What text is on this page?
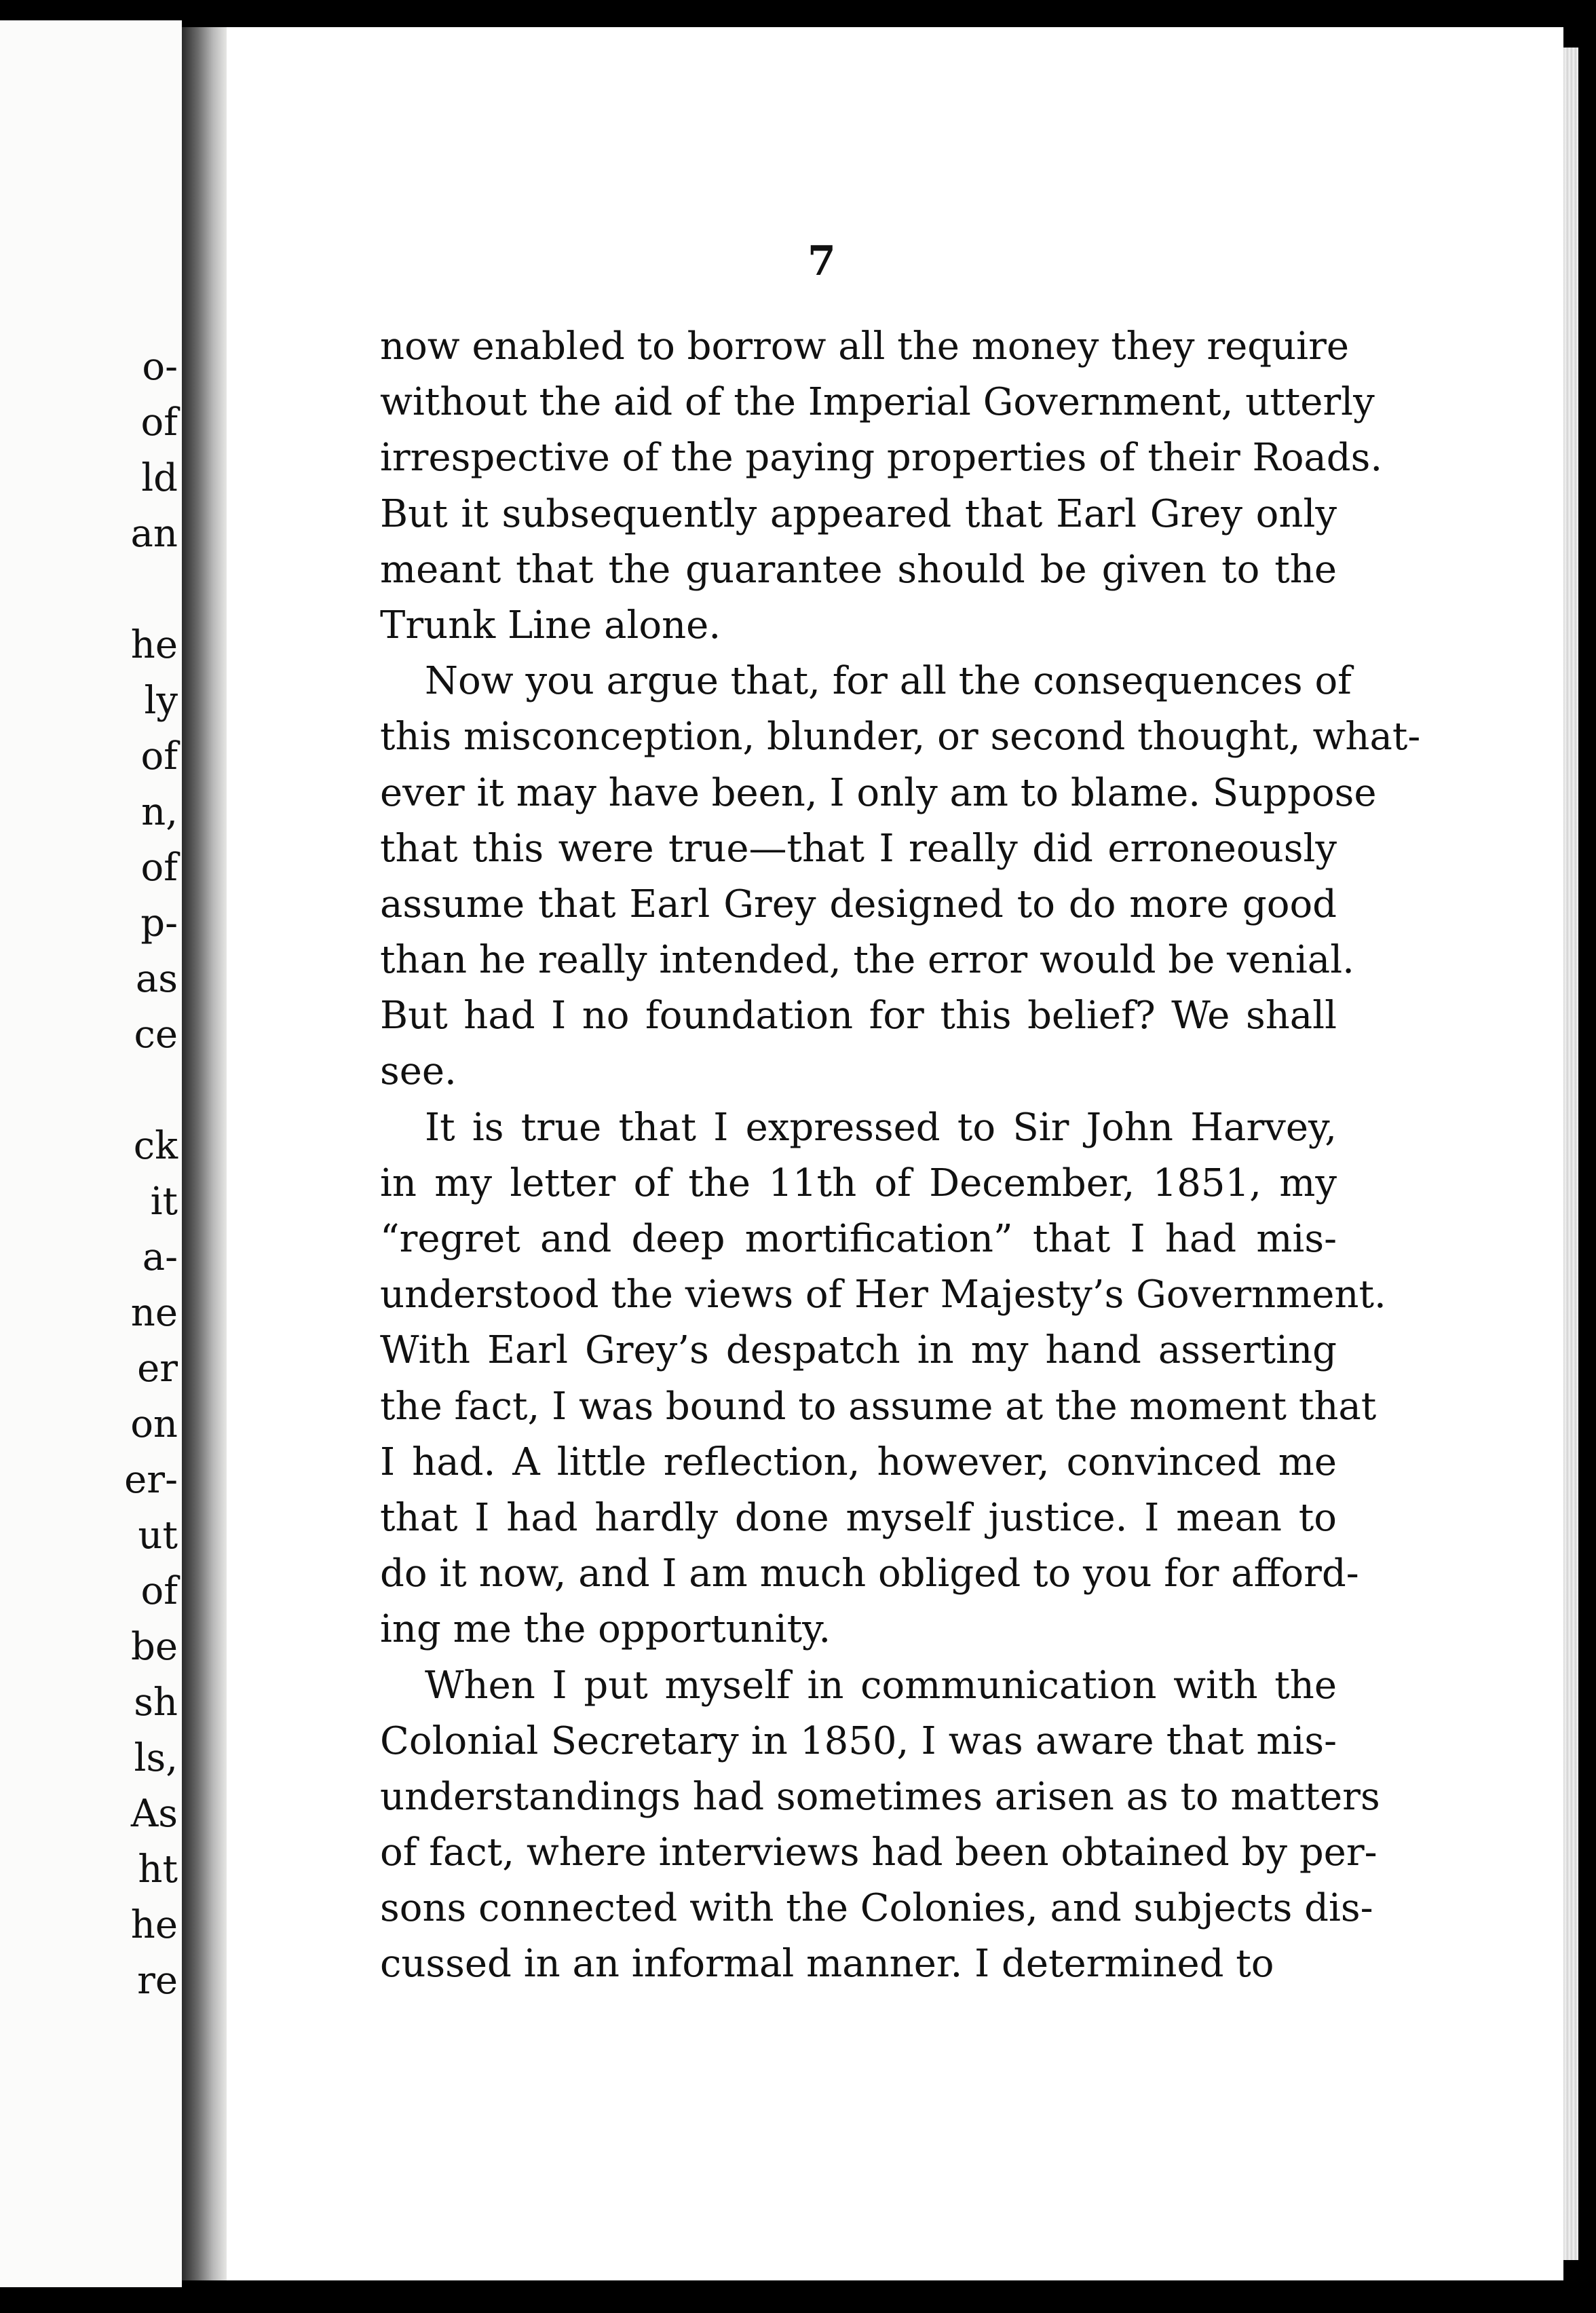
o-
of
ld
an
he
ly
of
n,
of
p-
as
ce
ck
it
a-
ne
er
on
er-
ut
of
be
sh
ls,
As
ht
he
re

7

now enabled to borrow all the money they require
without the aid of the Imperial Government, utterly
irrespective of the paying properties of their Roads.
But it subsequently appeared that Earl Grey only
meant that the guarantee should be given to the
Trunk Line alone.
Now you argue that, for all the consequences of
this misconception, blunder, or second thought, what-
ever it may have been, I only am to blame. Suppose
that this were true—that I really did erroneously
assume that Earl Grey designed to do more good
than he really intended, the error would be venial.
But had I no foundation for this belief? We shall
see.
It is true that I expressed to Sir John Harvey,
in my letter of the 11th of December, 1851, my
“regret and deep mortification” that I had mis-
understood the views of Her Majesty’s Government.
With Earl Grey’s despatch in my hand asserting
the fact, I was bound to assume at the moment that
I had. A little reflection, however, convinced me
that I had hardly done myself justice. I mean to
do it now, and I am much obliged to you for afford-
ing me the opportunity.
When I put myself in communication with the
Colonial Secretary in 1850, I was aware that mis-
understandings had sometimes arisen as to matters
of fact, where interviews had been obtained by per-
sons connected with the Colonies, and subjects dis-
cussed in an informal manner. I determined to
